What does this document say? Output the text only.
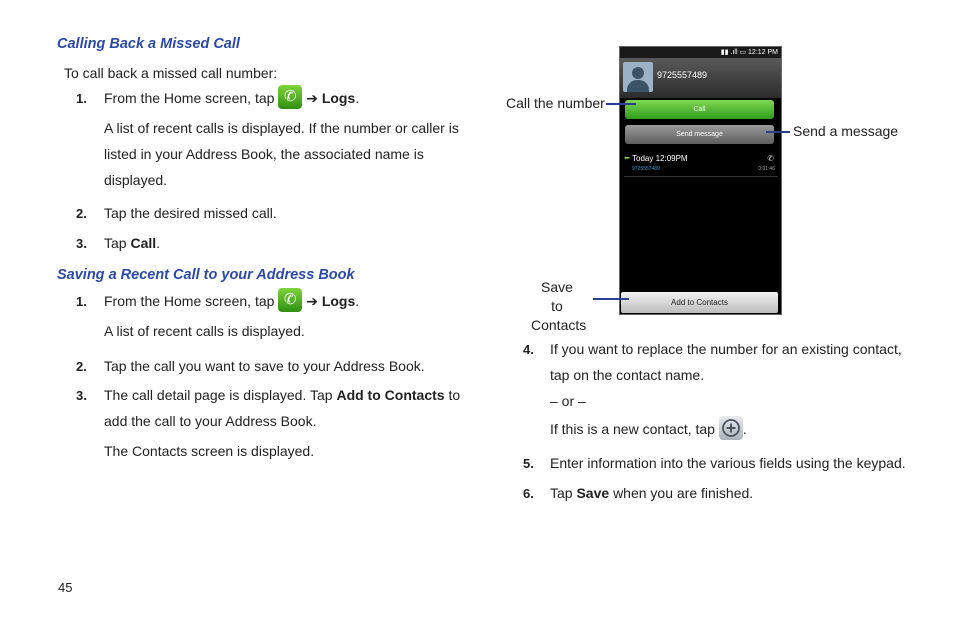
Calling Back a Missed Call
To call back a missed call number:
1. From the Home screen, tap ✆ ➔ Logs.
A list of recent calls is displayed. If the number or caller is listed in your Address Book, the associated name is displayed.
2. Tap the desired missed call.
3. Tap Call.
Saving a Recent Call to your Address Book
1. From the Home screen, tap ✆ ➔ Logs.
A list of recent calls is displayed.
2. Tap the call you want to save to your Address Book.
3. The call detail page is displayed. Tap Add to Contacts to add the call to your Address Book.
The Contacts screen is displayed.
▮▮ .ıll ▭ 12:12 PM
9725557489
Call
Send message
⬅ Today 12:09PM
9725557489
✆
0:01:46
Add to Contacts
Call the number
Send a message
Save to
Contacts
4. If you want to replace the number for an existing contact, tap on the contact name.
– or –
If this is a new contact, tap .
5. Enter information into the various fields using the keypad.
6. Tap Save when you are finished.
45
